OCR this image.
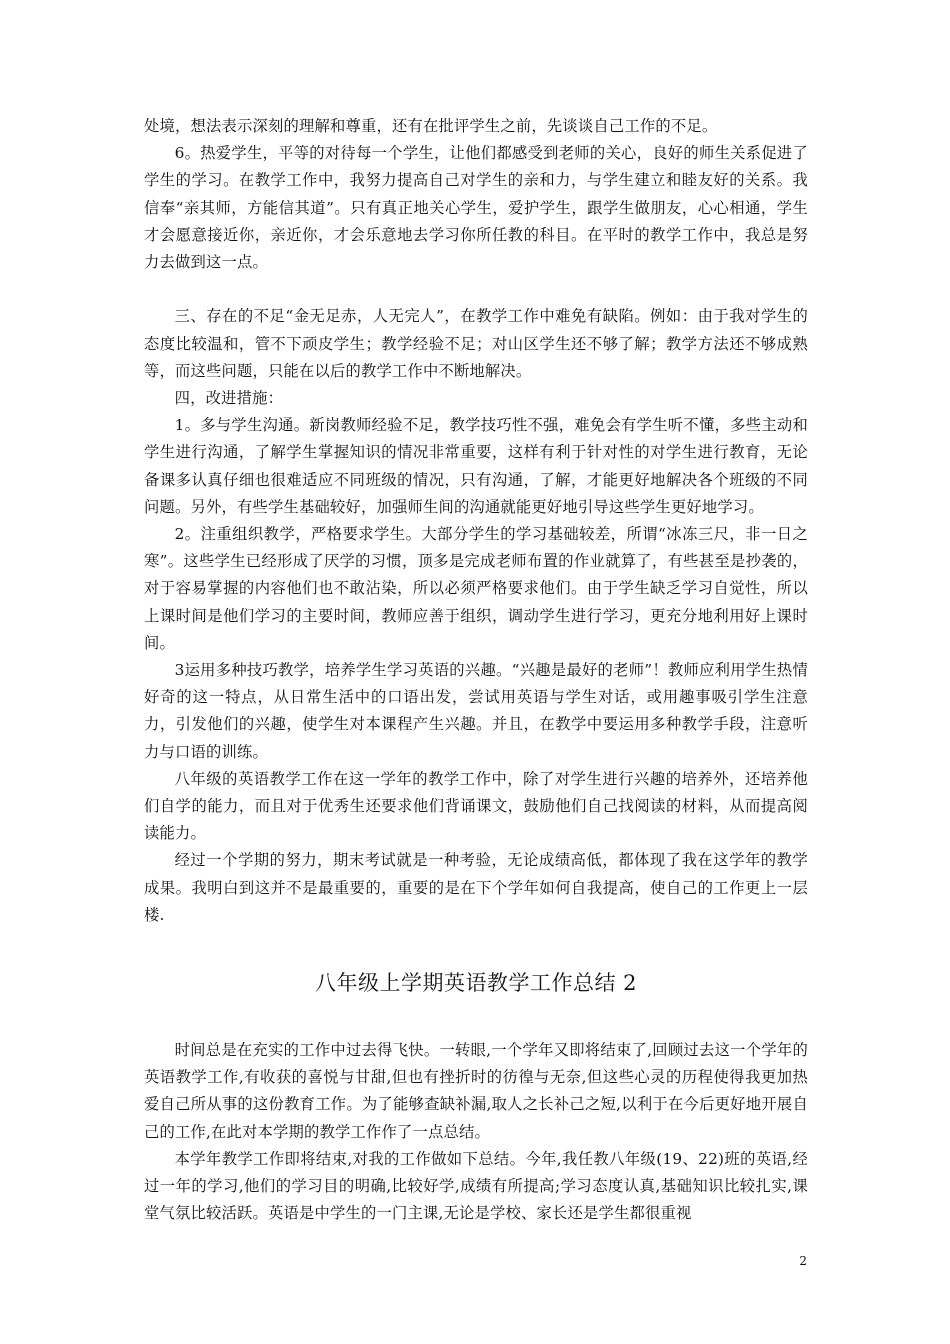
处境，想法表示深刻的理解和尊重，还有在批评学生之前，先谈谈自己工作的不足。

6。热爱学生，平等的对待每一个学生，让他们都感受到老师的关心，良好的师生关系促进了学生的学习。在教学工作中，我努力提高自己对学生的亲和力，与学生建立和睦友好的关系。我信奉“亲其师，方能信其道”。只有真正地关心学生，爱护学生，跟学生做朋友，心心相通，学生才会愿意接近你，亲近你，才会乐意地去学习你所任教的科目。在平时的教学工作中，我总是努力去做到这一点。

三、存在的不足“金无足赤，人无完人”，在教学工作中难免有缺陷。例如：由于我对学生的态度比较温和，管不下顽皮学生；教学经验不足；对山区学生还不够了解；教学方法还不够成熟等，而这些问题，只能在以后的教学工作中不断地解决。

四，改进措施：

1。多与学生沟通。新岗教师经验不足，教学技巧性不强，难免会有学生听不懂，多些主动和学生进行沟通，了解学生掌握知识的情况非常重要，这样有利于针对性的对学生进行教育，无论备课多认真仔细也很难适应不同班级的情况，只有沟通，了解，才能更好地解决各个班级的不同问题。另外，有些学生基础较好，加强师生间的沟通就能更好地引导这些学生更好地学习。

2。注重组织教学，严格要求学生。大部分学生的学习基础较差，所谓“冰冻三尺，非一日之寒”。这些学生已经形成了厌学的习惯，顶多是完成老师布置的作业就算了，有些甚至是抄袭的，对于容易掌握的内容他们也不敢沾染，所以必须严格要求他们。由于学生缺乏学习自觉性，所以上课时间是他们学习的主要时间，教师应善于组织，调动学生进行学习，更充分地利用好上课时间。

3运用多种技巧教学，培养学生学习英语的兴趣。“兴趣是最好的老师”！教师应利用学生热情好奇的这一特点，从日常生活中的口语出发，尝试用英语与学生对话，或用趣事吸引学生注意力，引发他们的兴趣，使学生对本课程产生兴趣。并且，在教学中要运用多种教学手段，注意听力与口语的训练。

八年级的英语教学工作在这一学年的教学工作中，除了对学生进行兴趣的培养外，还培养他们自学的能力，而且对于优秀生还要求他们背诵课文，鼓励他们自己找阅读的材料，从而提高阅读能力。

经过一个学期的努力，期末考试就是一种考验，无论成绩高低，都体现了我在这学年的教学成果。我明白到这并不是最重要的，重要的是在下个学年如何自我提高，使自己的工作更上一层楼.

八年级上学期英语教学工作总结 2

时间总是在充实的工作中过去得飞快。一转眼,一个学年又即将结束了,回顾过去这一个学年的英语教学工作,有收获的喜悦与甘甜,但也有挫折时的彷徨与无奈,但这些心灵的历程使得我更加热爱自己所从事的这份教育工作。为了能够查缺补漏,取人之长补己之短,以利于在今后更好地开展自己的工作,在此对本学期的教学工作作了一点总结。

本学年教学工作即将结束,对我的工作做如下总结。今年,我任教八年级(19、22)班的英语,经过一年的学习,他们的学习目的明确,比较好学,成绩有所提高;学习态度认真,基础知识比较扎实,课堂气氛比较活跃。英语是中学生的一门主课,无论是学校、家长还是学生都很重视

2
